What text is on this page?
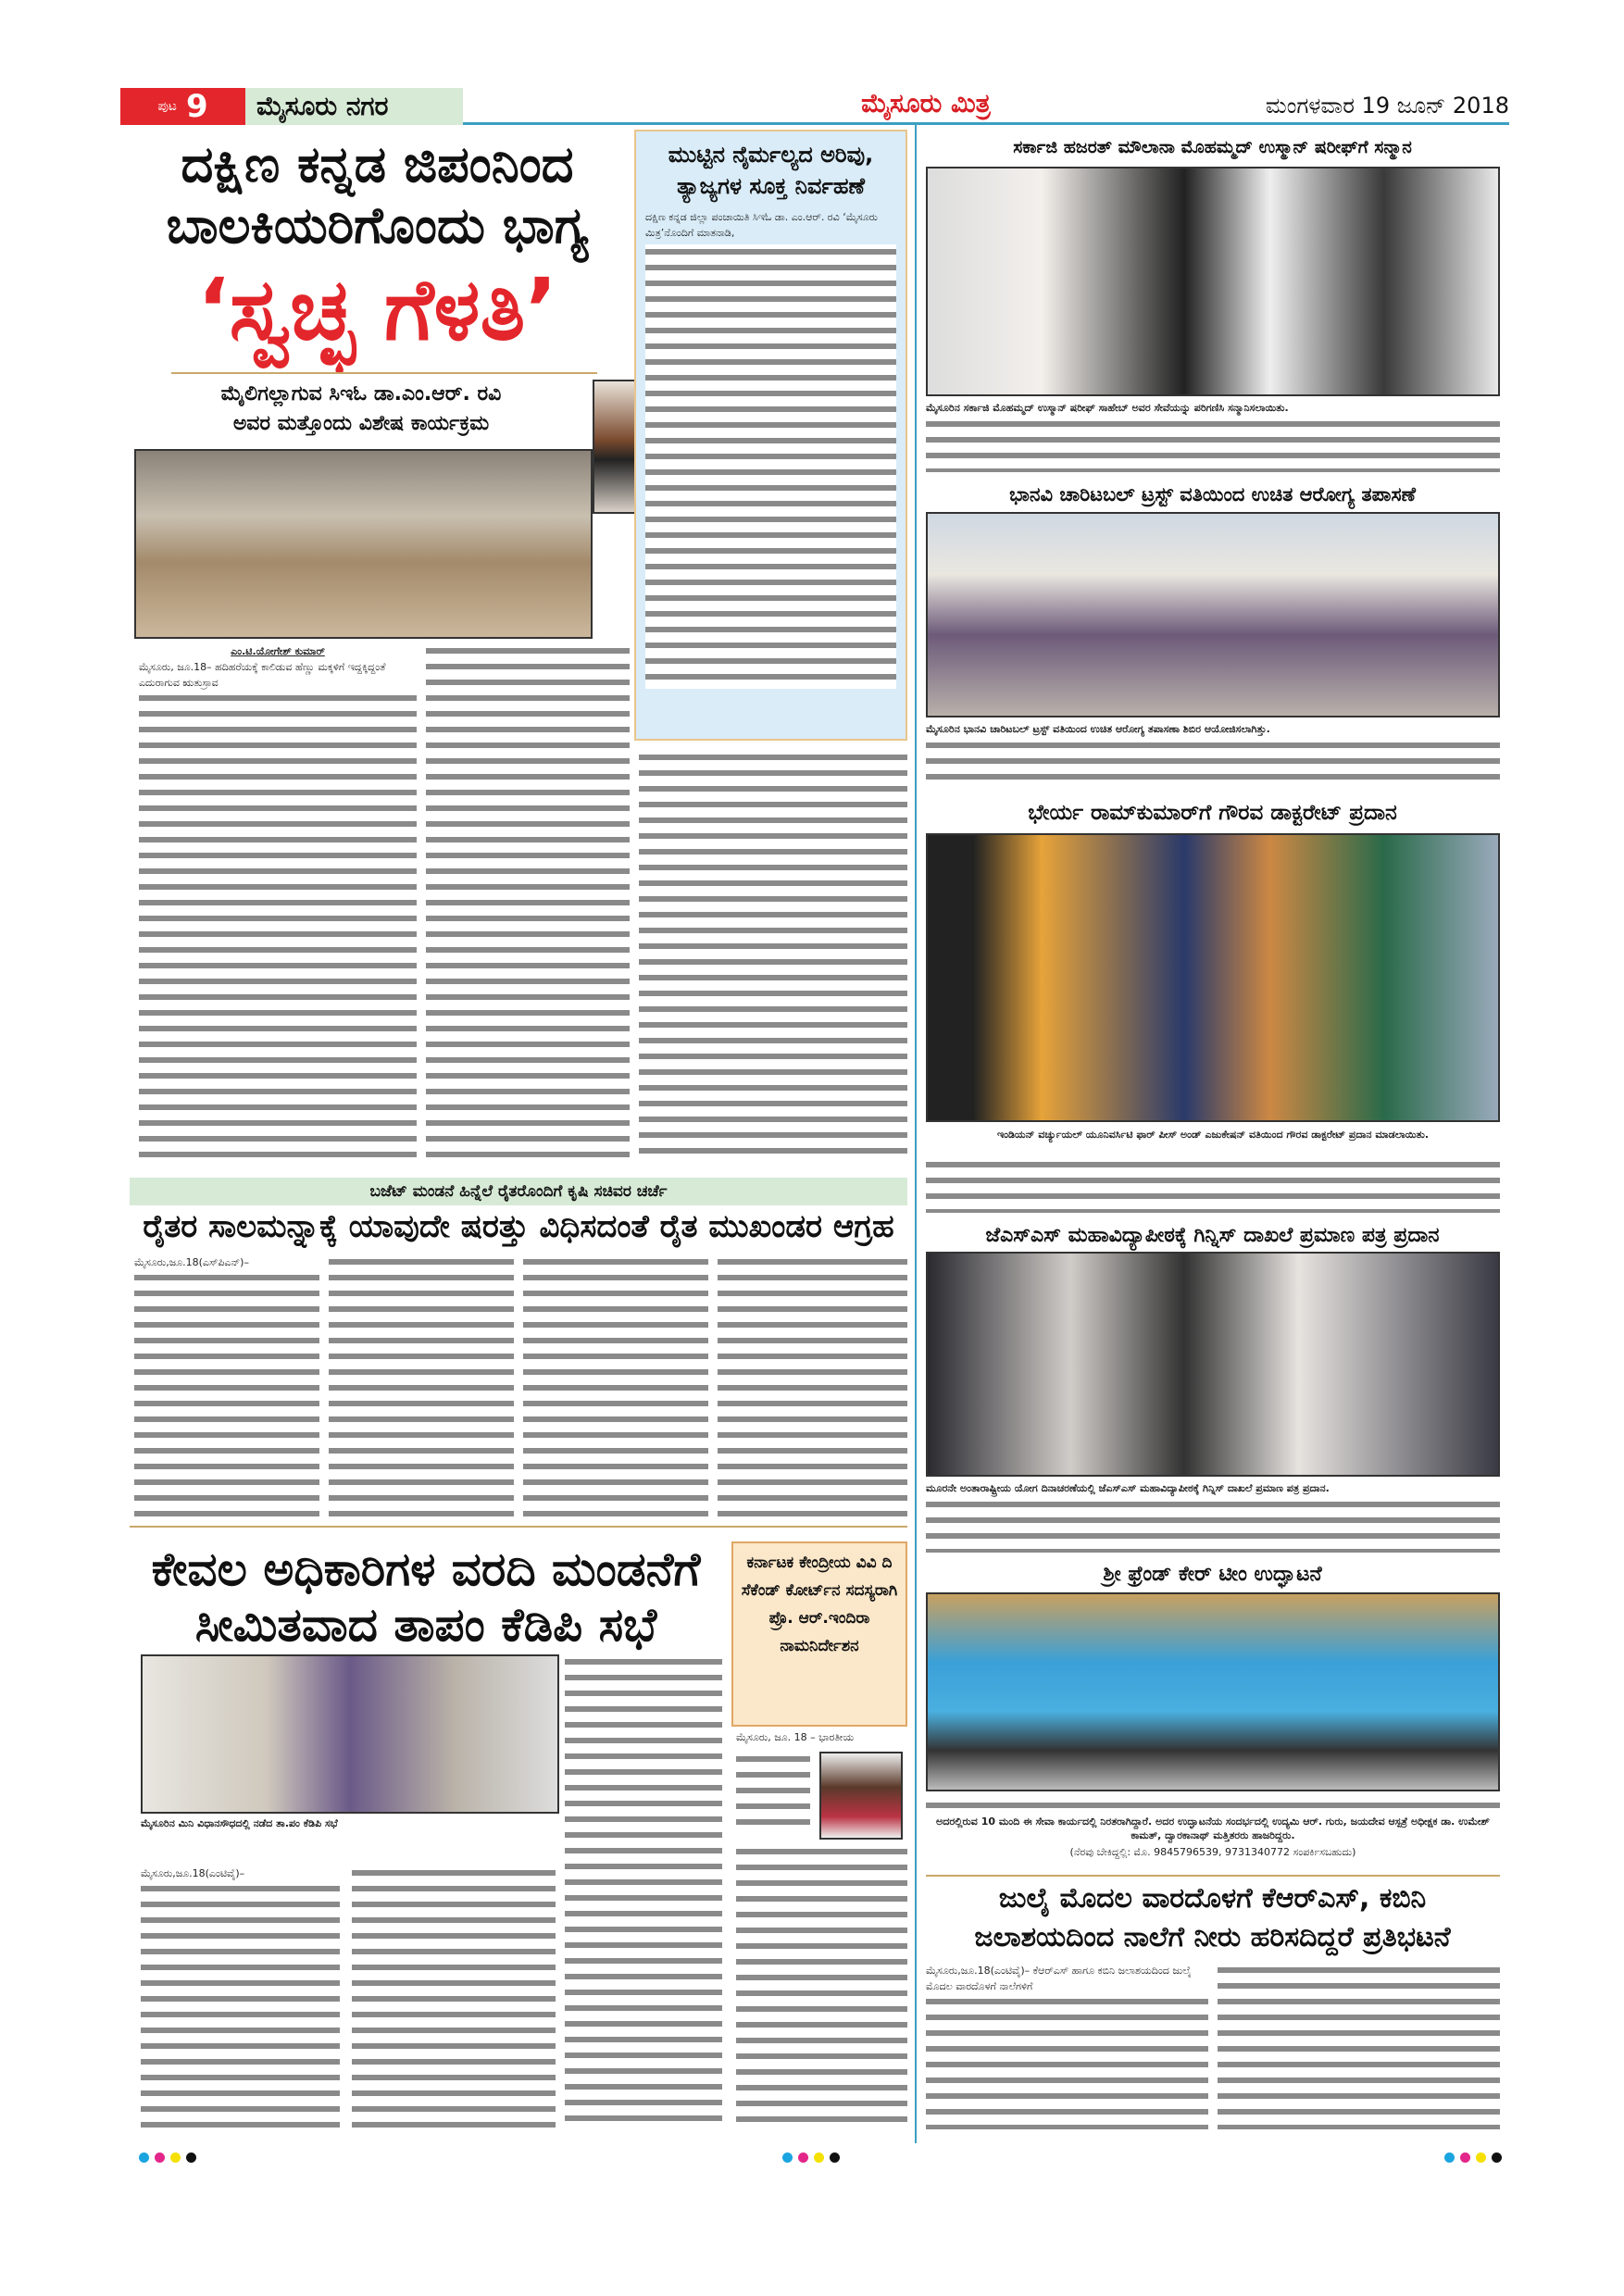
ಪುಟ 9	ಮೈಸೂರು ನಗರ	ಮೈಸೂರು ಮಿತ್ರ	ಮಂಗಳವಾರ 19 ಜೂನ್ 2018
ದಕ್ಷಿಣ ಕನ್ನಡ ಜಿಪಂನಿಂದ
ಬಾಲಕಿಯರಿಗೊಂದು ಭಾಗ್ಯ
‘ಸ್ವಚ್ಛ ಗೆಳತಿ’
ಮೈಲಿಗಲ್ಲಾಗುವ ಸಿಇಓ ಡಾ.ಎಂ.ಆರ್. ರವಿ
ಅವರ ಮತ್ತೊಂದು ವಿಶೇಷ ಕಾರ್ಯಕ್ರಮ
ಎಂ.ಟಿ.ಯೋಗೇಶ್ ಕುಮಾರ್
ಮೈಸೂರು, ಜೂ.18– ಹದಿಹರೆಯಕ್ಕೆ ಕಾಲಿಡುವ ಹೆಣ್ಣು ಮಕ್ಕಳಿಗೆ ಇದ್ದಕ್ಕಿದ್ದಂತೆ ಎದುರಾಗುವ ಋತುಸ್ರಾವ
ಮುಟ್ಟಿನ ನೈರ್ಮಲ್ಯದ ಅರಿವು, ತ್ಯಾಜ್ಯಗಳ ಸೂಕ್ತ ನಿರ್ವಹಣೆ
ದಕ್ಷಿಣ ಕನ್ನಡ ಜಿಲ್ಲಾ ಪಂಚಾಯಿತಿ ಸಿಇಓ ಡಾ. ಎಂ.ಆರ್. ರವಿ ‘ಮೈಸೂರು ಮಿತ್ರ’ನೊಂದಿಗೆ ಮಾತನಾಡಿ,
ಬಜೆಟ್ ಮಂಡನೆ ಹಿನ್ನೆಲೆ ರೈತರೊಂದಿಗೆ ಕೃಷಿ ಸಚಿವರ ಚರ್ಚೆ
ರೈತರ ಸಾಲಮನ್ನಾಕ್ಕೆ ಯಾವುದೇ ಷರತ್ತು ವಿಧಿಸದಂತೆ ರೈತ ಮುಖಂಡರ ಆಗ್ರಹ
ಮೈಸೂರು,ಜೂ.18(ಎಸ್‌ಪಿಎನ್)–
ಕೇವಲ ಅಧಿಕಾರಿಗಳ ವರದಿ ಮಂಡನೆಗೆ
ಸೀಮಿತವಾದ ತಾಪಂ ಕೆಡಿಪಿ ಸಭೆ
ಮೈಸೂರಿನ ಮಿನಿ ವಿಧಾನಸೌಧದಲ್ಲಿ ನಡೆದ ತಾ.ಪಂ ಕೆಡಿಪಿ ಸಭೆ
ಮೈಸೂರು,ಜೂ.18(ಎಂಟಿವೈ)–
ಕರ್ನಾಟಕ ಕೇಂದ್ರೀಯ ವಿವಿ ದಿ ಸೆಕೆಂಡ್ ಕೋರ್ಟ್‌ನ ಸದಸ್ಯರಾಗಿ ಪ್ರೊ. ಆರ್.ಇಂದಿರಾ ನಾಮನಿರ್ದೇಶನ
ಮೈಸೂರು, ಜೂ. 18 – ಭಾರತೀಯ
ಸರ್ಕಾಜಿ ಹಜರತ್ ಮೌಲಾನಾ ಮೊಹಮ್ಮದ್ ಉಸ್ಮಾನ್ ಷರೀಫ್‌ಗೆ ಸನ್ಮಾನ
ಮೈಸೂರಿನ ಸರ್ಕಾಜಿ ಮೊಹಮ್ಮದ್ ಉಸ್ಮಾನ್ ಷರೀಫ್ ಸಾಹೇಬ್ ಅವರ ಸೇವೆಯನ್ನು ಪರಿಗಣಿಸಿ ಸನ್ಮಾನಿಸಲಾಯಿತು.
ಭಾನವಿ ಚಾರಿಟಬಲ್ ಟ್ರಸ್ಟ್ ವತಿಯಿಂದ ಉಚಿತ ಆರೋಗ್ಯ ತಪಾಸಣೆ
ಮೈಸೂರಿನ ಭಾನವಿ ಚಾರಿಟಬಲ್ ಟ್ರಸ್ಟ್ ವತಿಯಿಂದ ಉಚಿತ ಆರೋಗ್ಯ ತಪಾಸಣಾ ಶಿಬಿರ ಆಯೋಜಿಸಲಾಗಿತ್ತು.
ಭೇರ್ಯ ರಾಮ್‌ಕುಮಾರ್‌ಗೆ ಗೌರವ ಡಾಕ್ಟರೇಟ್ ಪ್ರದಾನ
ಇಂಡಿಯನ್ ವರ್ಚ್ಯುಯಲ್ ಯೂನಿವರ್ಸಿಟಿ ಫಾರ್ ಪೀಸ್ ಅಂಡ್ ಎಜುಕೇಷನ್ ವತಿಯಿಂದ ಗೌರವ ಡಾಕ್ಟರೇಟ್ ಪ್ರದಾನ ಮಾಡಲಾಯಿತು.
ಜೆಎಸ್‌ಎಸ್ ಮಹಾವಿದ್ಯಾಪೀಠಕ್ಕೆ ಗಿನ್ನಿಸ್ ದಾಖಲೆ ಪ್ರಮಾಣ ಪತ್ರ ಪ್ರದಾನ
ಮೂರನೇ ಅಂತಾರಾಷ್ಟ್ರೀಯ ಯೋಗ ದಿನಾಚರಣೆಯಲ್ಲಿ ಜೆಎಸ್‌ಎಸ್ ಮಹಾವಿದ್ಯಾಪೀಠಕ್ಕೆ ಗಿನ್ನಿಸ್ ದಾಖಲೆ ಪ್ರಮಾಣ ಪತ್ರ ಪ್ರದಾನ.
ಶ್ರೀ ಫ್ರೆಂಡ್ ಕೇರ್ ಟೀಂ ಉದ್ಘಾಟನೆ
ಅದರಲ್ಲಿರುವ 10 ಮಂದಿ ಈ ಸೇವಾ ಕಾರ್ಯದಲ್ಲಿ ನಿರತರಾಗಿದ್ದಾರೆ. ಅದರ ಉದ್ಘಾಟನೆಯ ಸಂದರ್ಭದಲ್ಲಿ ಉದ್ಯಮಿ ಆರ್. ಗುರು, ಜಯದೇವ ಆಸ್ಪತ್ರೆ ಅಧೀಕ್ಷಕ ಡಾ. ಉಮೇಶ್ ಕಾಮತ್, ದ್ವಾರಕಾನಾಥ್ ಮತ್ತಿತರರು ಹಾಜರಿದ್ದರು.
(ನೆರವು ಬೇಕಿದ್ದಲ್ಲಿ: ಮೊ. 9845796539, 9731340772 ಸಂಪರ್ಕಿಸಬಹುದು)
ಜುಲೈ ಮೊದಲ ವಾರದೊಳಗೆ ಕೆಆರ್‌ಎಸ್, ಕಬಿನಿ
ಜಲಾಶಯದಿಂದ ನಾಲೆಗೆ ನೀರು ಹರಿಸದಿದ್ದರೆ ಪ್ರತಿಭಟನೆ
ಮೈಸೂರು,ಜೂ.18(ಎಂಟಿವೈ)– ಕೆಆರ್‌ಎಸ್ ಹಾಗೂ ಕಬಿನಿ ಜಲಾಶಯದಿಂದ ಜುಲೈ ಮೊದಲ ವಾರದೊಳಗೆ ನಾಲೆಗಳಿಗೆ
